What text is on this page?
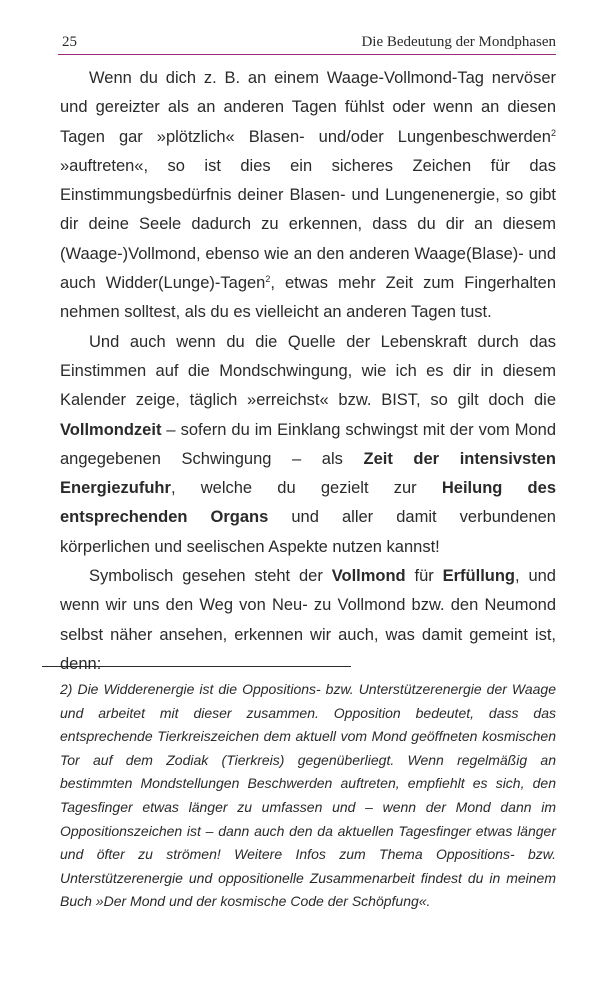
25	Die Bedeutung der Mondphasen

Wenn du dich z. B. an einem Waage-Vollmond-Tag nervöser und gereizter als an anderen Tagen fühlst oder wenn an diesen Tagen gar »plötzlich« Blasen- und/oder Lungenbeschwerden$^2$ »auftreten«, so ist dies ein sicheres Zeichen für das Einstimmungsbedürfnis deiner Blasen- und Lungenenergie, so gibt dir deine Seele dadurch zu erkennen, dass du dir an diesem (Waage-)Vollmond, ebenso wie an den anderen Waage(Blase)- und auch Widder(Lunge)-Tagen$^2$, etwas mehr Zeit zum Fingerhalten nehmen solltest, als du es vielleicht an anderen Tagen tust.

Und auch wenn du die Quelle der Lebenskraft durch das Einstimmen auf die Mondschwingung, wie ich es dir in diesem Kalender zeige, täglich »erreichst« bzw. BIST, so gilt doch die Vollmondzeit – sofern du im Einklang schwingst mit der vom Mond angegebenen Schwingung – als Zeit der intensivsten Energiezufuhr, welche du gezielt zur Heilung des entsprechenden Organs und aller damit verbundenen körperlichen und seelischen Aspekte nutzen kannst!

Symbolisch gesehen steht der Vollmond für Erfüllung, und wenn wir uns den Weg von Neu- zu Vollmond bzw. den Neumond selbst näher ansehen, erkennen wir auch, was damit gemeint ist, denn:

2) Die Widderenergie ist die Oppositions- bzw. Unterstützerenergie der Waage und arbeitet mit dieser zusammen. Opposition bedeutet, dass das entsprechende Tierkreiszeichen dem aktuell vom Mond geöffneten kosmischen Tor auf dem Zodiak (Tierkreis) gegenüberliegt. Wenn regelmäßig an bestimmten Mondstellungen Beschwerden auftreten, empfiehlt es sich, den Tagesfinger etwas länger zu umfassen und – wenn der Mond dann im Oppositionszeichen ist – dann auch den da aktuellen Tagesfinger etwas länger und öfter zu strömen! Weitere Infos zum Thema Oppositions- bzw. Unterstützerenergie und oppositionelle Zusammenarbeit findest du in meinem Buch »Der Mond und der kosmische Code der Schöpfung«.
